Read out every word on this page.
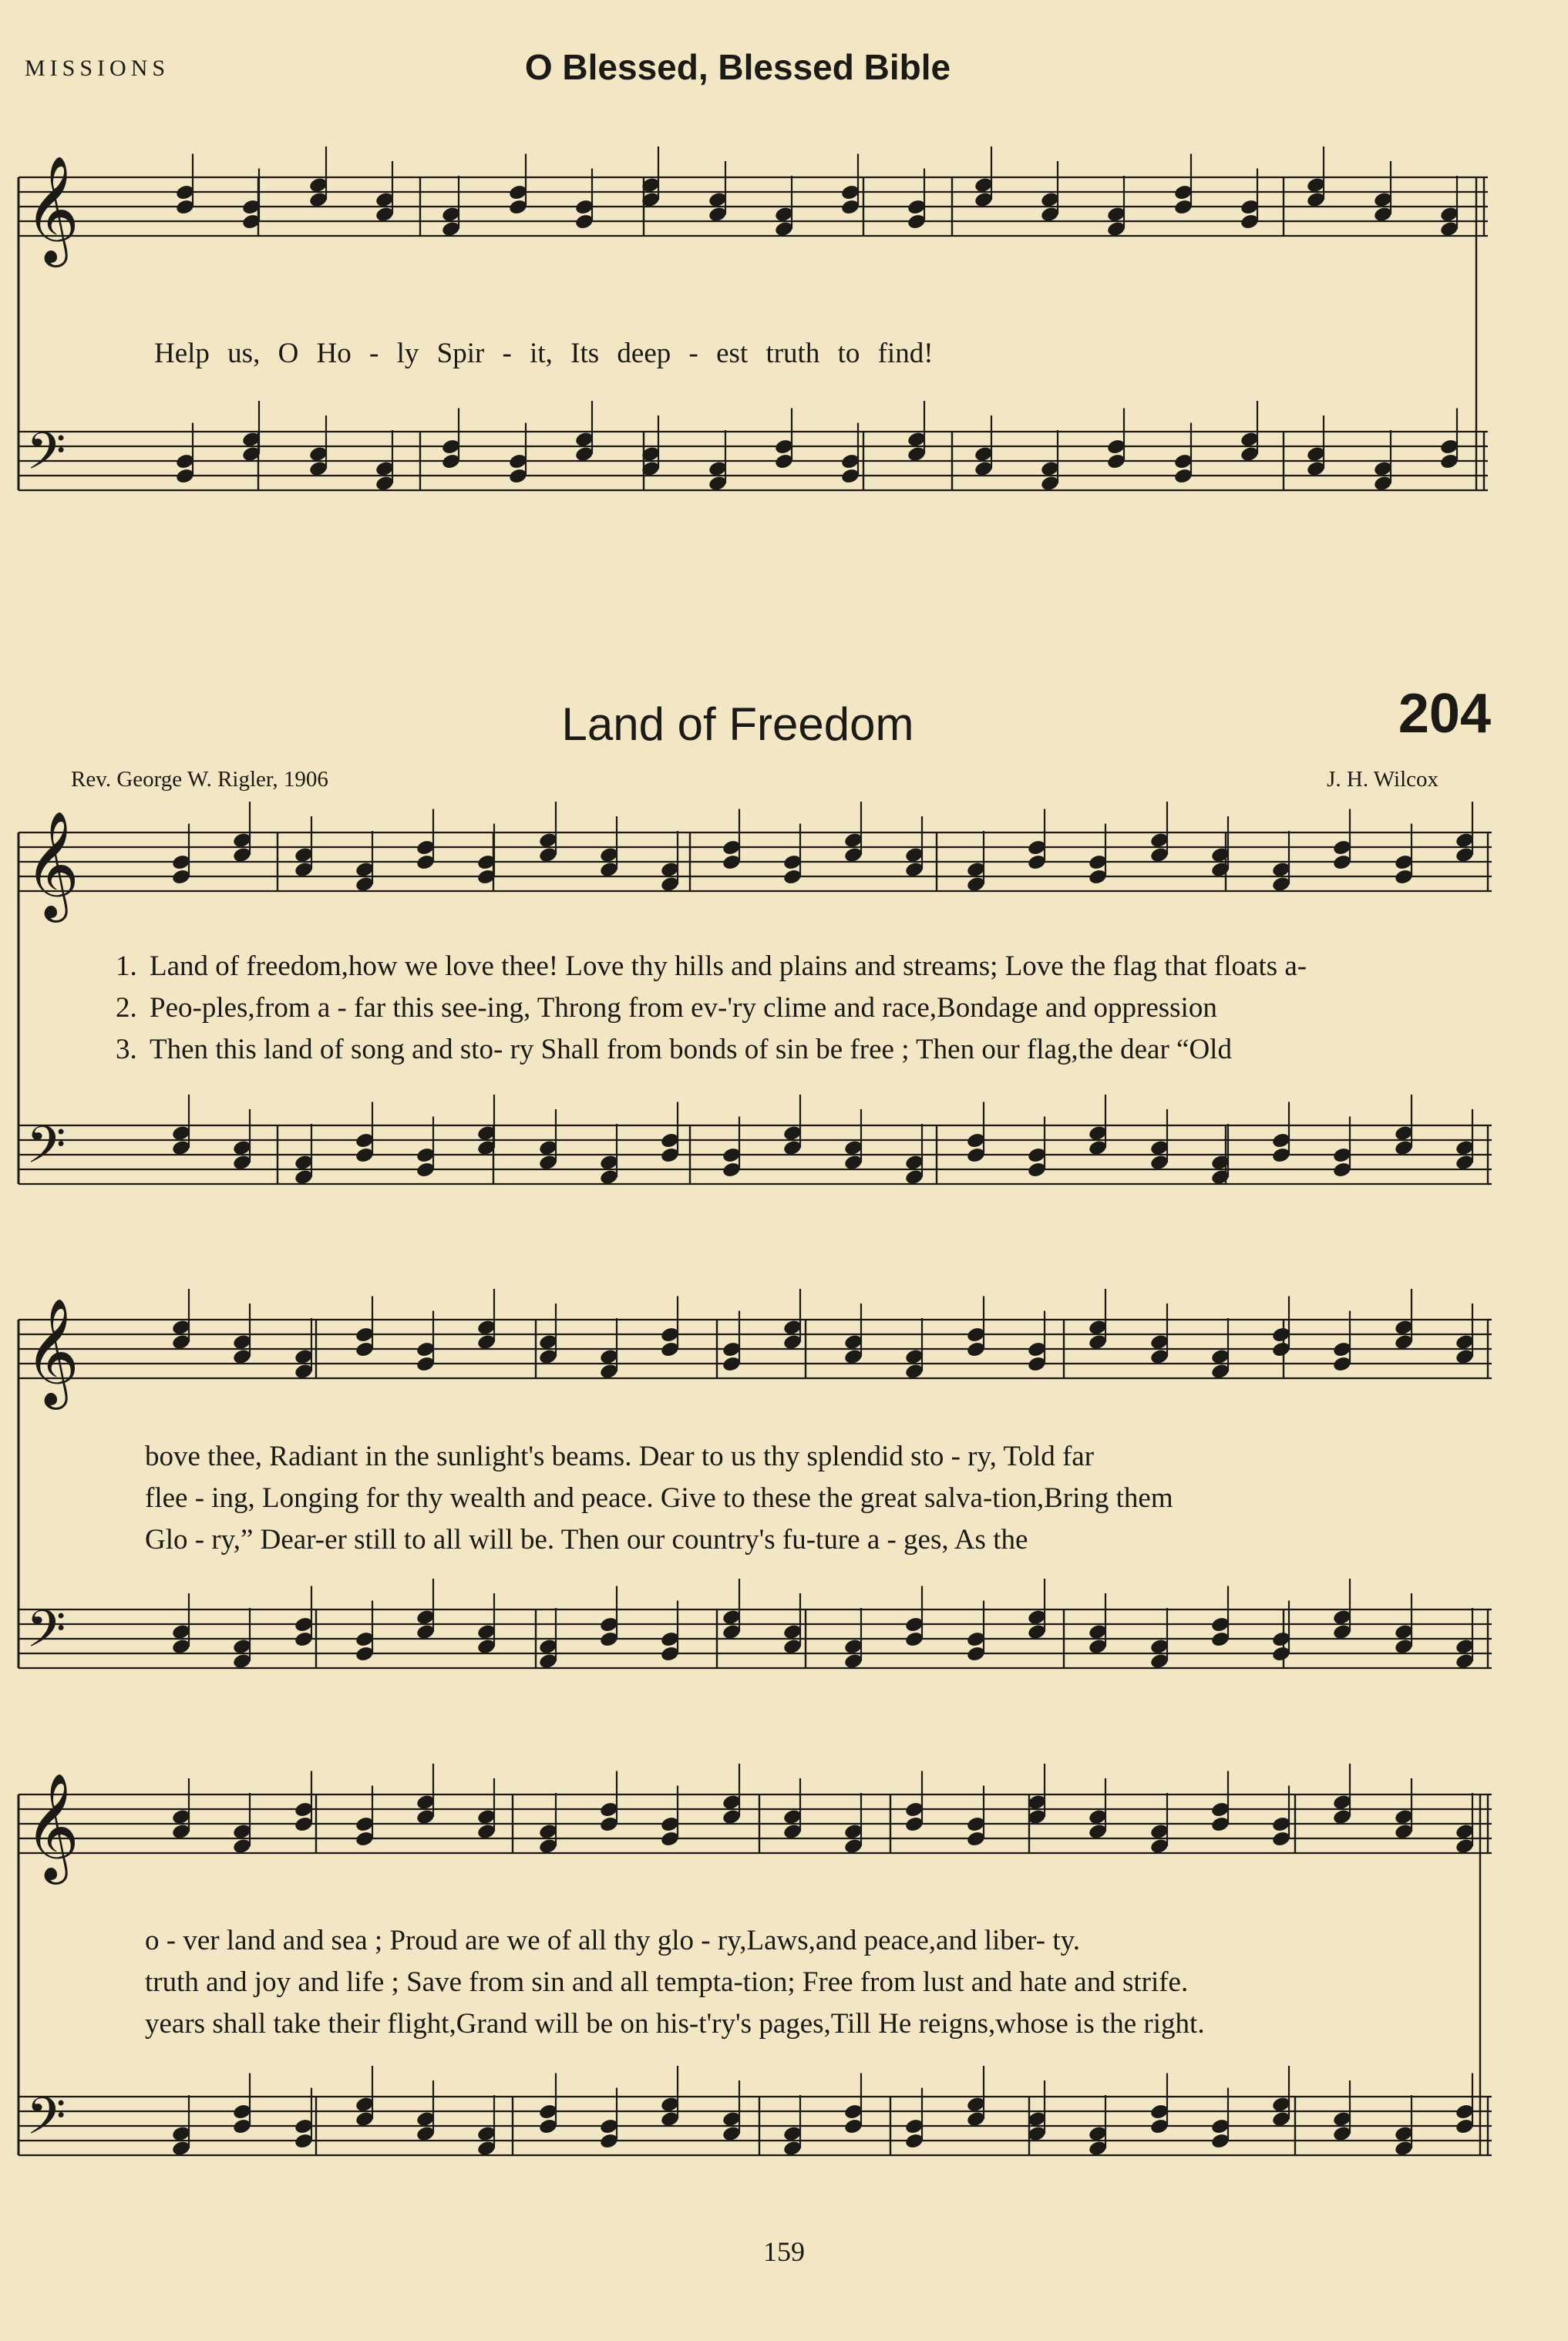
𝄞
𝄢
𝄞
𝄢
𝄞
𝄢
𝄞
𝄢
MISSIONS	O Blessed, Blessed Bible
Help us, O Ho - ly Spir - it, Its deep - est truth to find!
Land of Freedom	204
Rev. George W. Rigler, 1906	J. H. Wilcox
1. Land of freedom,how we love thee! Love thy hills and plains and streams; Love the flag that floats a-
2. Peo-ples,from a - far this see-ing, Throng from ev-'ry clime and race,Bondage and oppression
3. Then this land of song and sto- ry Shall from bonds of sin be free ; Then our flag,the dear “Old
bove thee, Radiant in the sunlight's beams. Dear to us thy splendid sto - ry, Told far
flee - ing, Longing for thy wealth and peace. Give to these the great salva-tion,Bring them
Glo - ry,” Dear-er still to all will be. Then our country's fu-ture a - ges, As the
o - ver land and sea ; Proud are we of all thy glo - ry,Laws,and peace,and liber- ty.
truth and joy and life ; Save from sin and all tempta-tion; Free from lust and hate and strife.
years shall take their flight,Grand will be on his-t'ry's pages,Till He reigns,whose is the right.
159
